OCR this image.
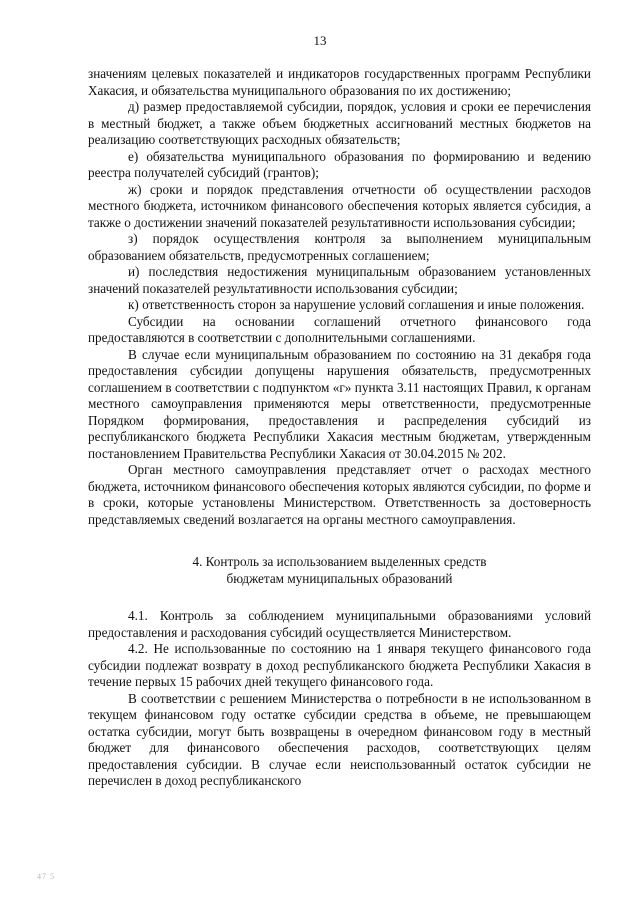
13

значениям целевых показателей и индикаторов государственных программ Республики Хакасия, и обязательства муниципального образования по их достижению;

д) размер предоставляемой субсидии, порядок, условия и сроки ее перечисления в местный бюджет, а также объем бюджетных ассигнований местных бюджетов на реализацию соответствующих расходных обязательств;

е) обязательства муниципального образования по формированию и ведению реестра получателей субсидий (грантов);

ж) сроки и порядок представления отчетности об осуществлении расходов местного бюджета, источником финансового обеспечения которых является субсидия, а также о достижении значений показателей результативности использования субсидии;

з) порядок осуществления контроля за выполнением муниципальным образованием обязательств, предусмотренных соглашением;

и) последствия недостижения муниципальным образованием установленных значений показателей результативности использования субсидии;

к) ответственность сторон за нарушение условий соглашения и иные положения.

Субсидии на основании соглашений отчетного финансового года предоставляются в соответствии с дополнительными соглашениями.

В случае если муниципальным образованием по состоянию на 31 декабря года предоставления субсидии допущены нарушения обязательств, предусмотренных соглашением в соответствии с подпунктом «г» пункта 3.11 настоящих Правил, к органам местного самоуправления применяются меры ответственности, предусмотренные Порядком формирования, предоставления и распределения субсидий из республиканского бюджета Республики Хакасия местным бюджетам, утвержденным постановлением Правительства Республики Хакасия от 30.04.2015 № 202.

Орган местного самоуправления представляет отчет о расходах местного бюджета, источником финансового обеспечения которых являются субсидии, по форме и в сроки, которые установлены Министерством. Ответственность за достоверность представляемых сведений возлагается на органы местного самоуправления.

4. Контроль за использованием выделенных средств
бюджетам муниципальных образований

4.1. Контроль за соблюдением муниципальными образованиями условий предоставления и расходования субсидий осуществляется Министерством.

4.2. Не использованные по состоянию на 1 января текущего финансового года субсидии подлежат возврату в доход республиканского бюджета Республики Хакасия в течение первых 15 рабочих дней текущего финансового года.

В соответствии с решением Министерства о потребности в не использованном в текущем финансовом году остатке субсидии средства в объеме, не превышающем остатка субсидии, могут быть возвращены в очередном финансовом году в местный бюджет для финансового обеспечения расходов, соответствующих целям предоставления субсидии. В случае если неиспользованный остаток субсидии не перечислен в доход республиканского

47 5
